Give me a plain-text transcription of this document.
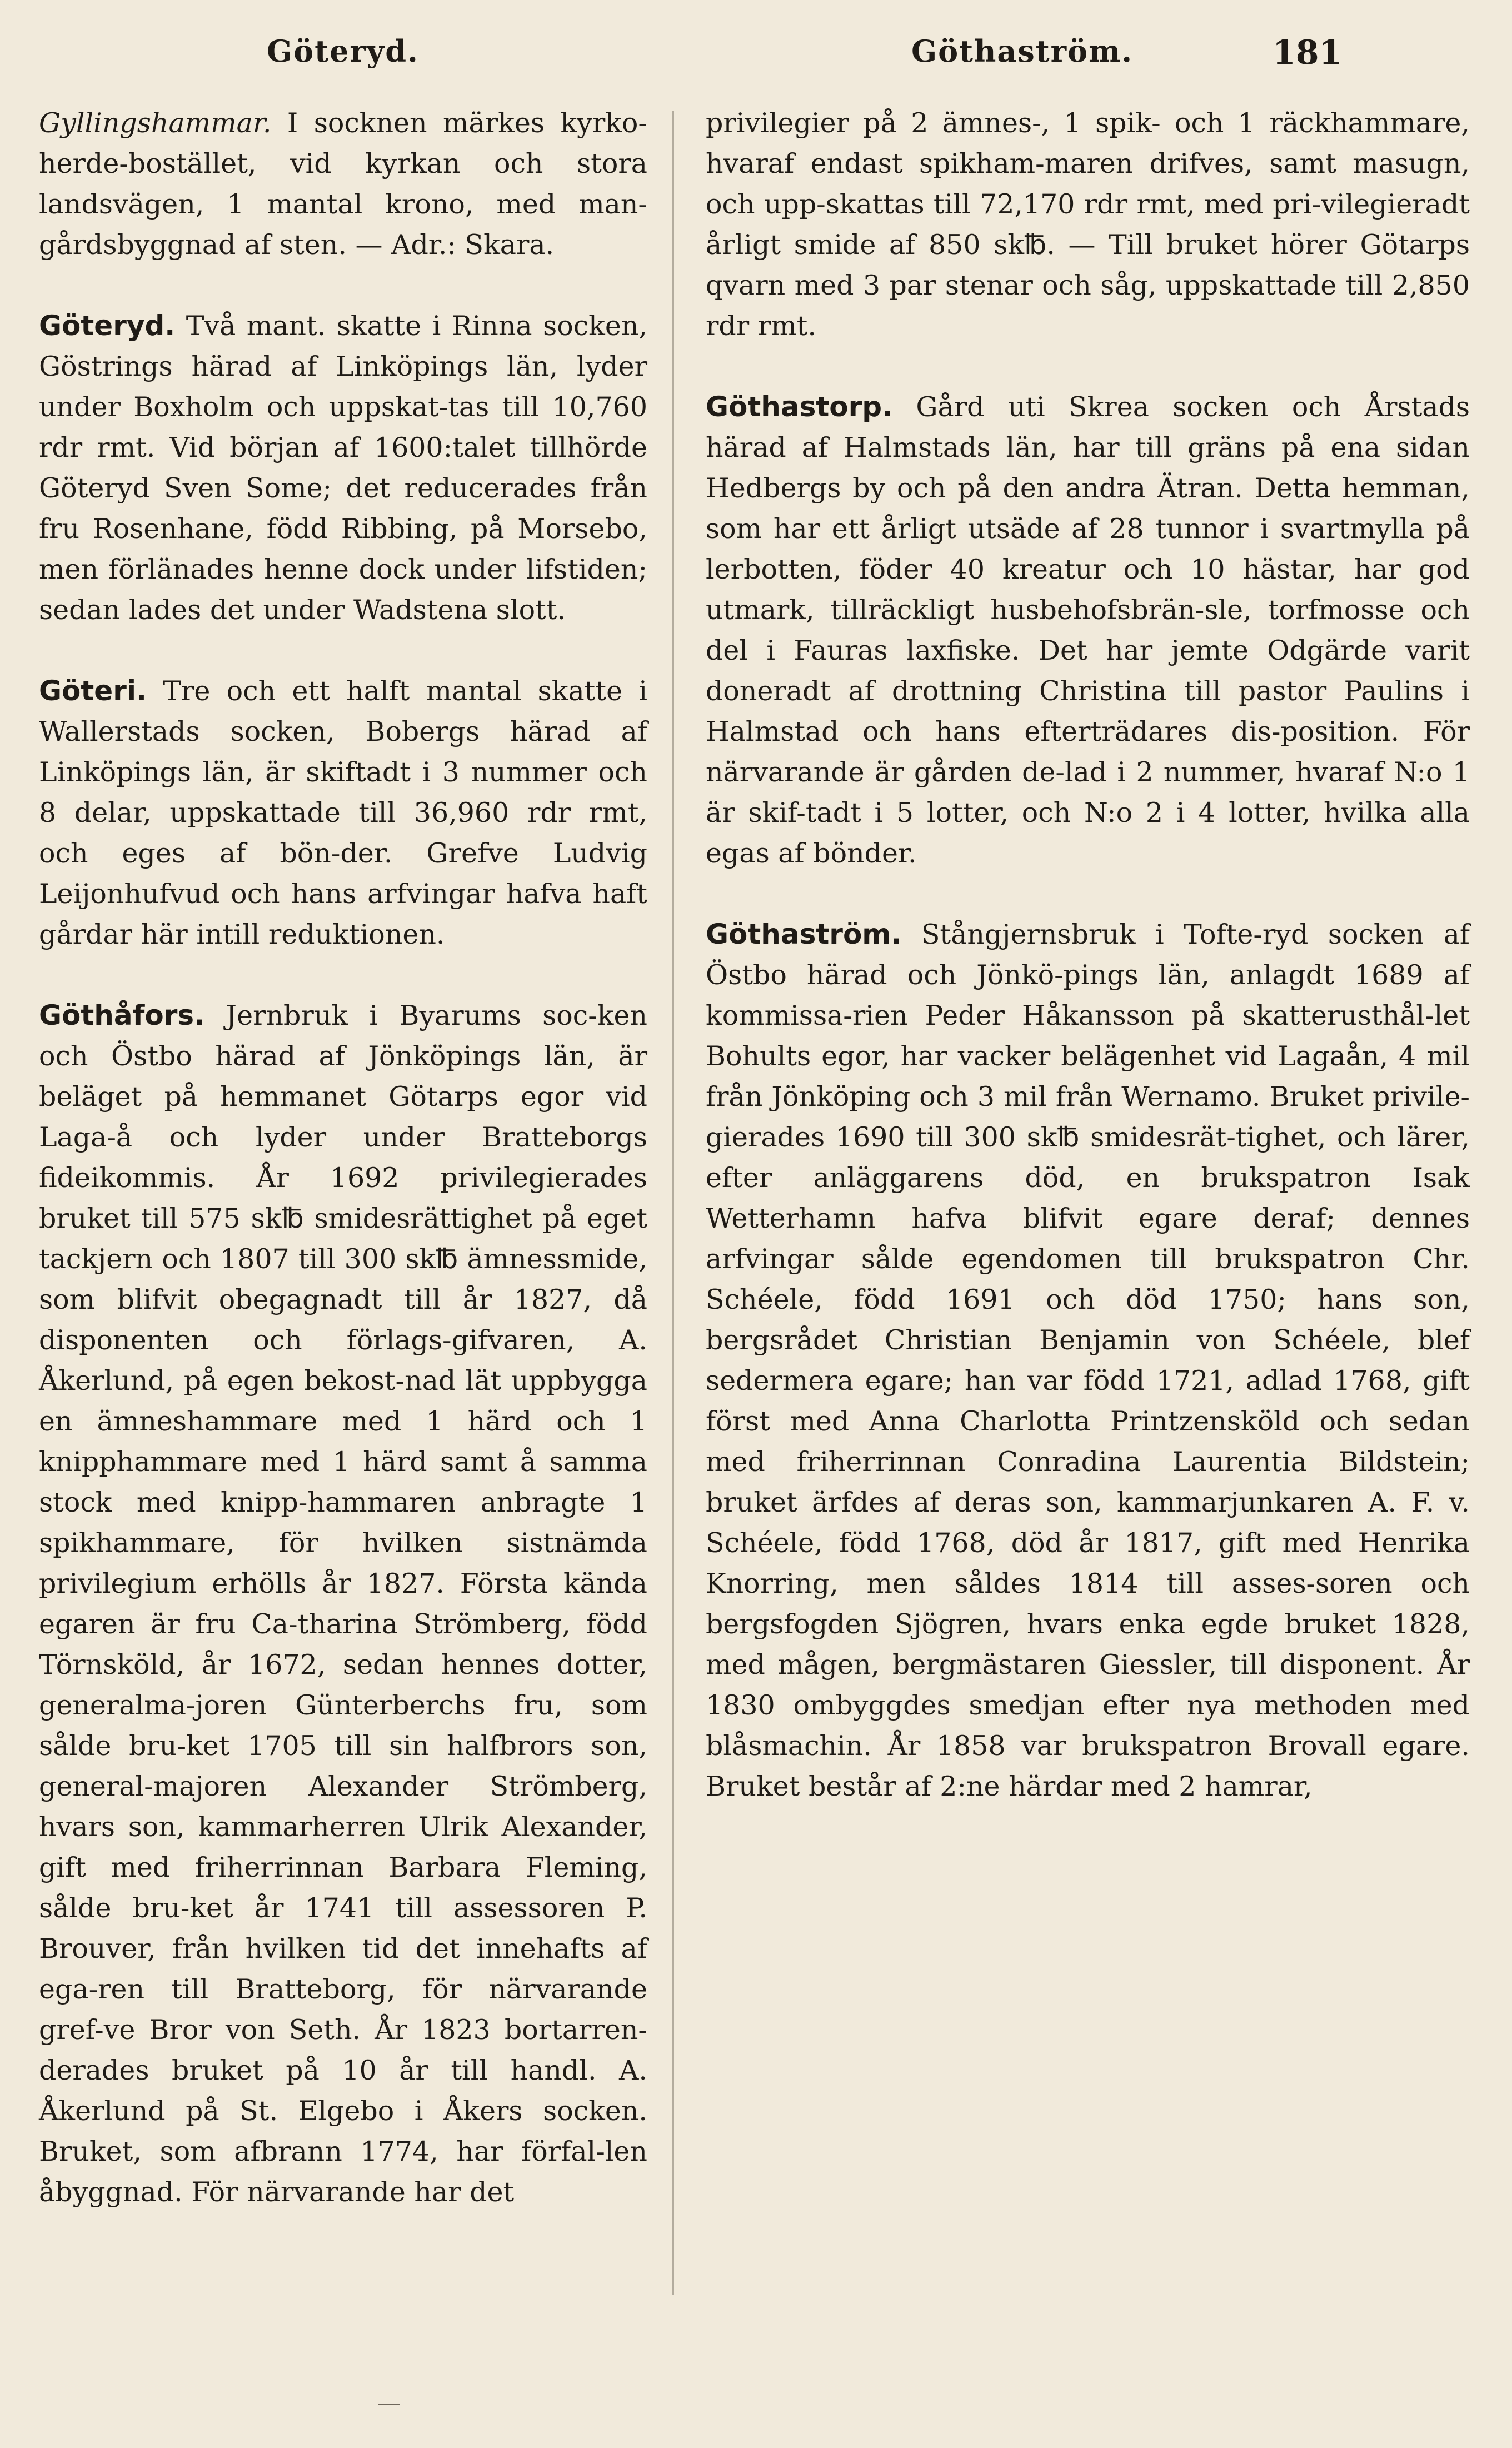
Göteryd.	Göthaström.	181

Gyllingshammar. I socknen märkes kyrko-herde-bostället, vid kyrkan och stora landsvägen, 1 mantal krono, med man-gårdsbyggnad af sten. — Adr.: Skara.

Göteryd. Två mant. skatte i Rinna socken, Göstrings härad af Linköpings län, lyder under Boxholm och uppskat-tas till 10,760 rdr rmt. Vid början af 1600:talet tillhörde Göteryd Sven Some; det reducerades från fru Rosenhane, född Ribbing, på Morsebo, men förlänades henne dock under lifstiden; sedan lades det under Wadstena slott.

Göteri. Tre och ett halft mantal skatte i Wallerstads socken, Bobergs härad af Linköpings län, är skiftadt i 3 nummer och 8 delar, uppskattade till 36,960 rdr rmt, och eges af bön-der. Grefve Ludvig Leijonhufvud och hans arfvingar hafva haft gårdar här intill reduktionen.

Göthåfors. Jernbruk i Byarums soc-ken och Östbo härad af Jönköpings län, är beläget på hemmanet Götarps egor vid Laga-å och lyder under Bratteborgs fideikommis. År 1692 privilegierades bruket till 575 sk℔ smidesrättighet på eget tackjern och 1807 till 300 sk℔ ämnessmide, som blifvit obegagnadt till år 1827, då disponenten och förlags-gifvaren, A. Åkerlund, på egen bekost-nad lät uppbygga en ämneshammare med 1 härd och 1 knipphammare med 1 härd samt å samma stock med knipp-hammaren anbragte 1 spikhammare, för hvilken sistnämda privilegium erhölls år 1827. Första kända egaren är fru Ca-tharina Strömberg, född Törnsköld, år 1672, sedan hennes dotter, generalma-joren Günterberchs fru, som sålde bru-ket 1705 till sin halfbrors son, general-majoren Alexander Strömberg, hvars son, kammarherren Ulrik Alexander, gift med friherrinnan Barbara Fleming, sålde bru-ket år 1741 till assessoren P. Brouver, från hvilken tid det innehafts af ega-ren till Bratteborg, för närvarande gref-ve Bror von Seth. År 1823 bortarren-derades bruket på 10 år till handl. A. Åkerlund på St. Elgebo i Åkers socken. Bruket, som afbrann 1774, har förfal-len åbyggnad. För närvarande har det

privilegier på 2 ämnes-, 1 spik- och 1 räckhammare, hvaraf endast spikham-maren drifves, samt masugn, och upp-skattas till 72,170 rdr rmt, med pri-vilegieradt årligt smide af 850 sk℔. — Till bruket hörer Götarps qvarn med 3 par stenar och såg, uppskattade till 2,850 rdr rmt.

Göthastorp. Gård uti Skrea socken och Årstads härad af Halmstads län, har till gräns på ena sidan Hedbergs by och på den andra Ätran. Detta hemman, som har ett årligt utsäde af 28 tunnor i svartmylla på lerbotten, föder 40 kreatur och 10 hästar, har god utmark, tillräckligt husbehofsbrän-sle, torfmosse och del i Fauras laxfiske. Det har jemte Odgärde varit doneradt af drottning Christina till pastor Paulins i Halmstad och hans efterträdares dis-position. För närvarande är gården de-lad i 2 nummer, hvaraf N:o 1 är skif-tadt i 5 lotter, och N:o 2 i 4 lotter, hvilka alla egas af bönder.

Göthaström. Stångjernsbruk i Tofte-ryd socken af Östbo härad och Jönkö-pings län, anlagdt 1689 af kommissa-rien Peder Håkansson på skatterusthål-let Bohults egor, har vacker belägenhet vid Lagaån, 4 mil från Jönköping och 3 mil från Wernamo. Bruket privile-gierades 1690 till 300 sk℔ smidesrät-tighet, och lärer, efter anläggarens död, en brukspatron Isak Wetterhamn hafva blifvit egare deraf; dennes arfvingar sålde egendomen till brukspatron Chr. Schéele, född 1691 och död 1750; hans son, bergsrådet Christian Benjamin von Schéele, blef sedermera egare; han var född 1721, adlad 1768, gift först med Anna Charlotta Printzensköld och sedan med friherrinnan Conradina Laurentia Bildstein; bruket ärfdes af deras son, kammarjunkaren A. F. v. Schéele, född 1768, död år 1817, gift med Henrika Knorring, men såldes 1814 till asses-soren och bergsfogden Sjögren, hvars enka egde bruket 1828, med mågen, bergmästaren Giessler, till disponent. År 1830 ombyggdes smedjan efter nya methoden med blåsmachin. År 1858 var brukspatron Brovall egare. Bruket består af 2:ne härdar med 2 hamrar,
